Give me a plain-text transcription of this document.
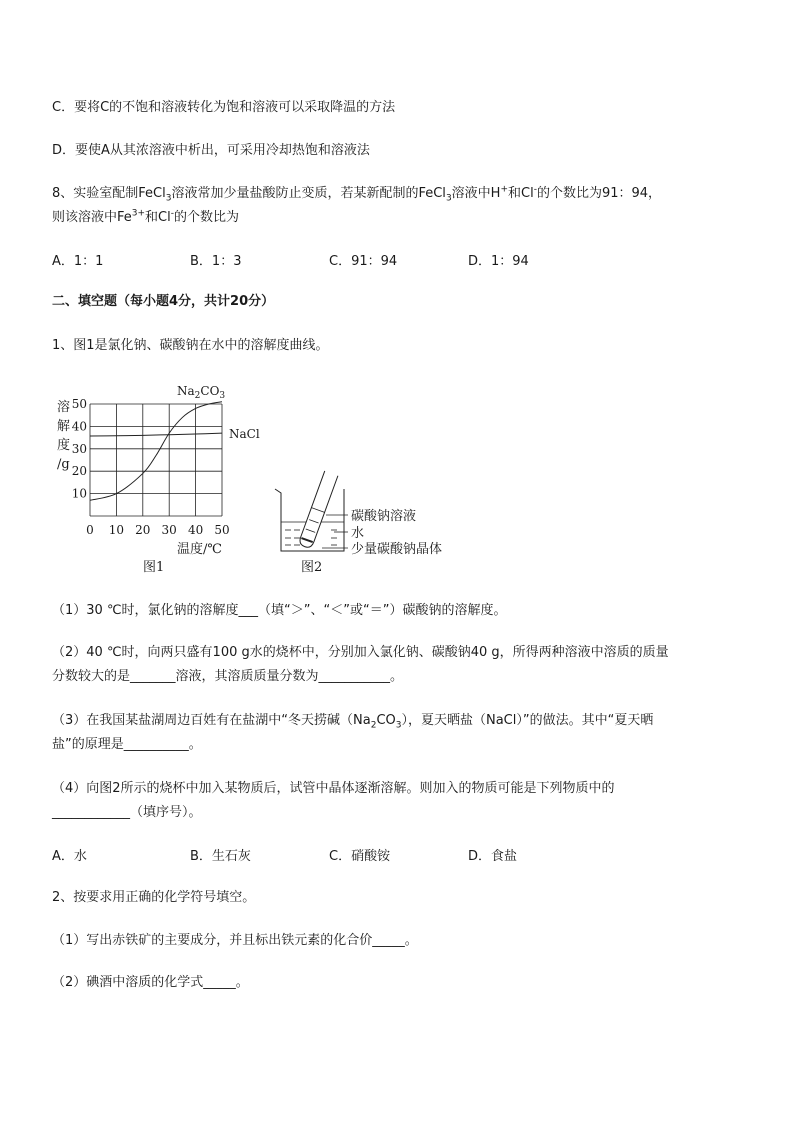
C．要将C的不饱和溶液转化为饱和溶液可以采取降温的方法
D．要使A从其浓溶液中析出，可采用冷却热饱和溶液法
8、实验室配制FeCl$_3$溶液常加少量盐酸防止变质，若某新配制的FeCl$_3$溶液中H+和Cl-的个数比为91：94，
则该溶液中$Fe^{3+}$和Cl-的个数比为
A．1：1	B．1：3	C．91：94	D．1：94
二、填空题（每小题4分，共计20分）
1、图1是氯化钠、碳酸钠在水中的溶解度曲线。
50
40
30
20
10
0 10 20 30 40 50
溶
解
度
/g
$Na_2CO_3$
NaCl
温度/℃
图1
碳酸钠溶液
水
少量碳酸钠晶体
图2
（1）30 ℃时，氯化钠的溶解度___（填“＞”、“＜”或“＝”）碳酸钠的溶解度。
（2）40 ℃时，向两只盛有100 g水的烧杯中，分别加入氯化钠、碳酸钠40 g，所得两种溶液中溶质的质量
分数较大的是_______溶液，其溶质质量分数为___________。
（3）在我国某盐湖周边百姓有在盐湖中“冬天捞碱$(Na_2CO_3)$，夏天晒盐（NaCl）”的做法。其中“夏天晒
盐”的原理是__________。
（4）向图2所示的烧杯中加入某物质后，试管中晶体逐渐溶解。则加入的物质可能是下列物质中的
____________（填序号）。
A．水	B．生石灰	C．硝酸铵	D．食盐
2、按要求用正确的化学符号填空。
（1）写出赤铁矿的主要成分，并且标出铁元素的化合价_____。
（2）碘酒中溶质的化学式_____。
